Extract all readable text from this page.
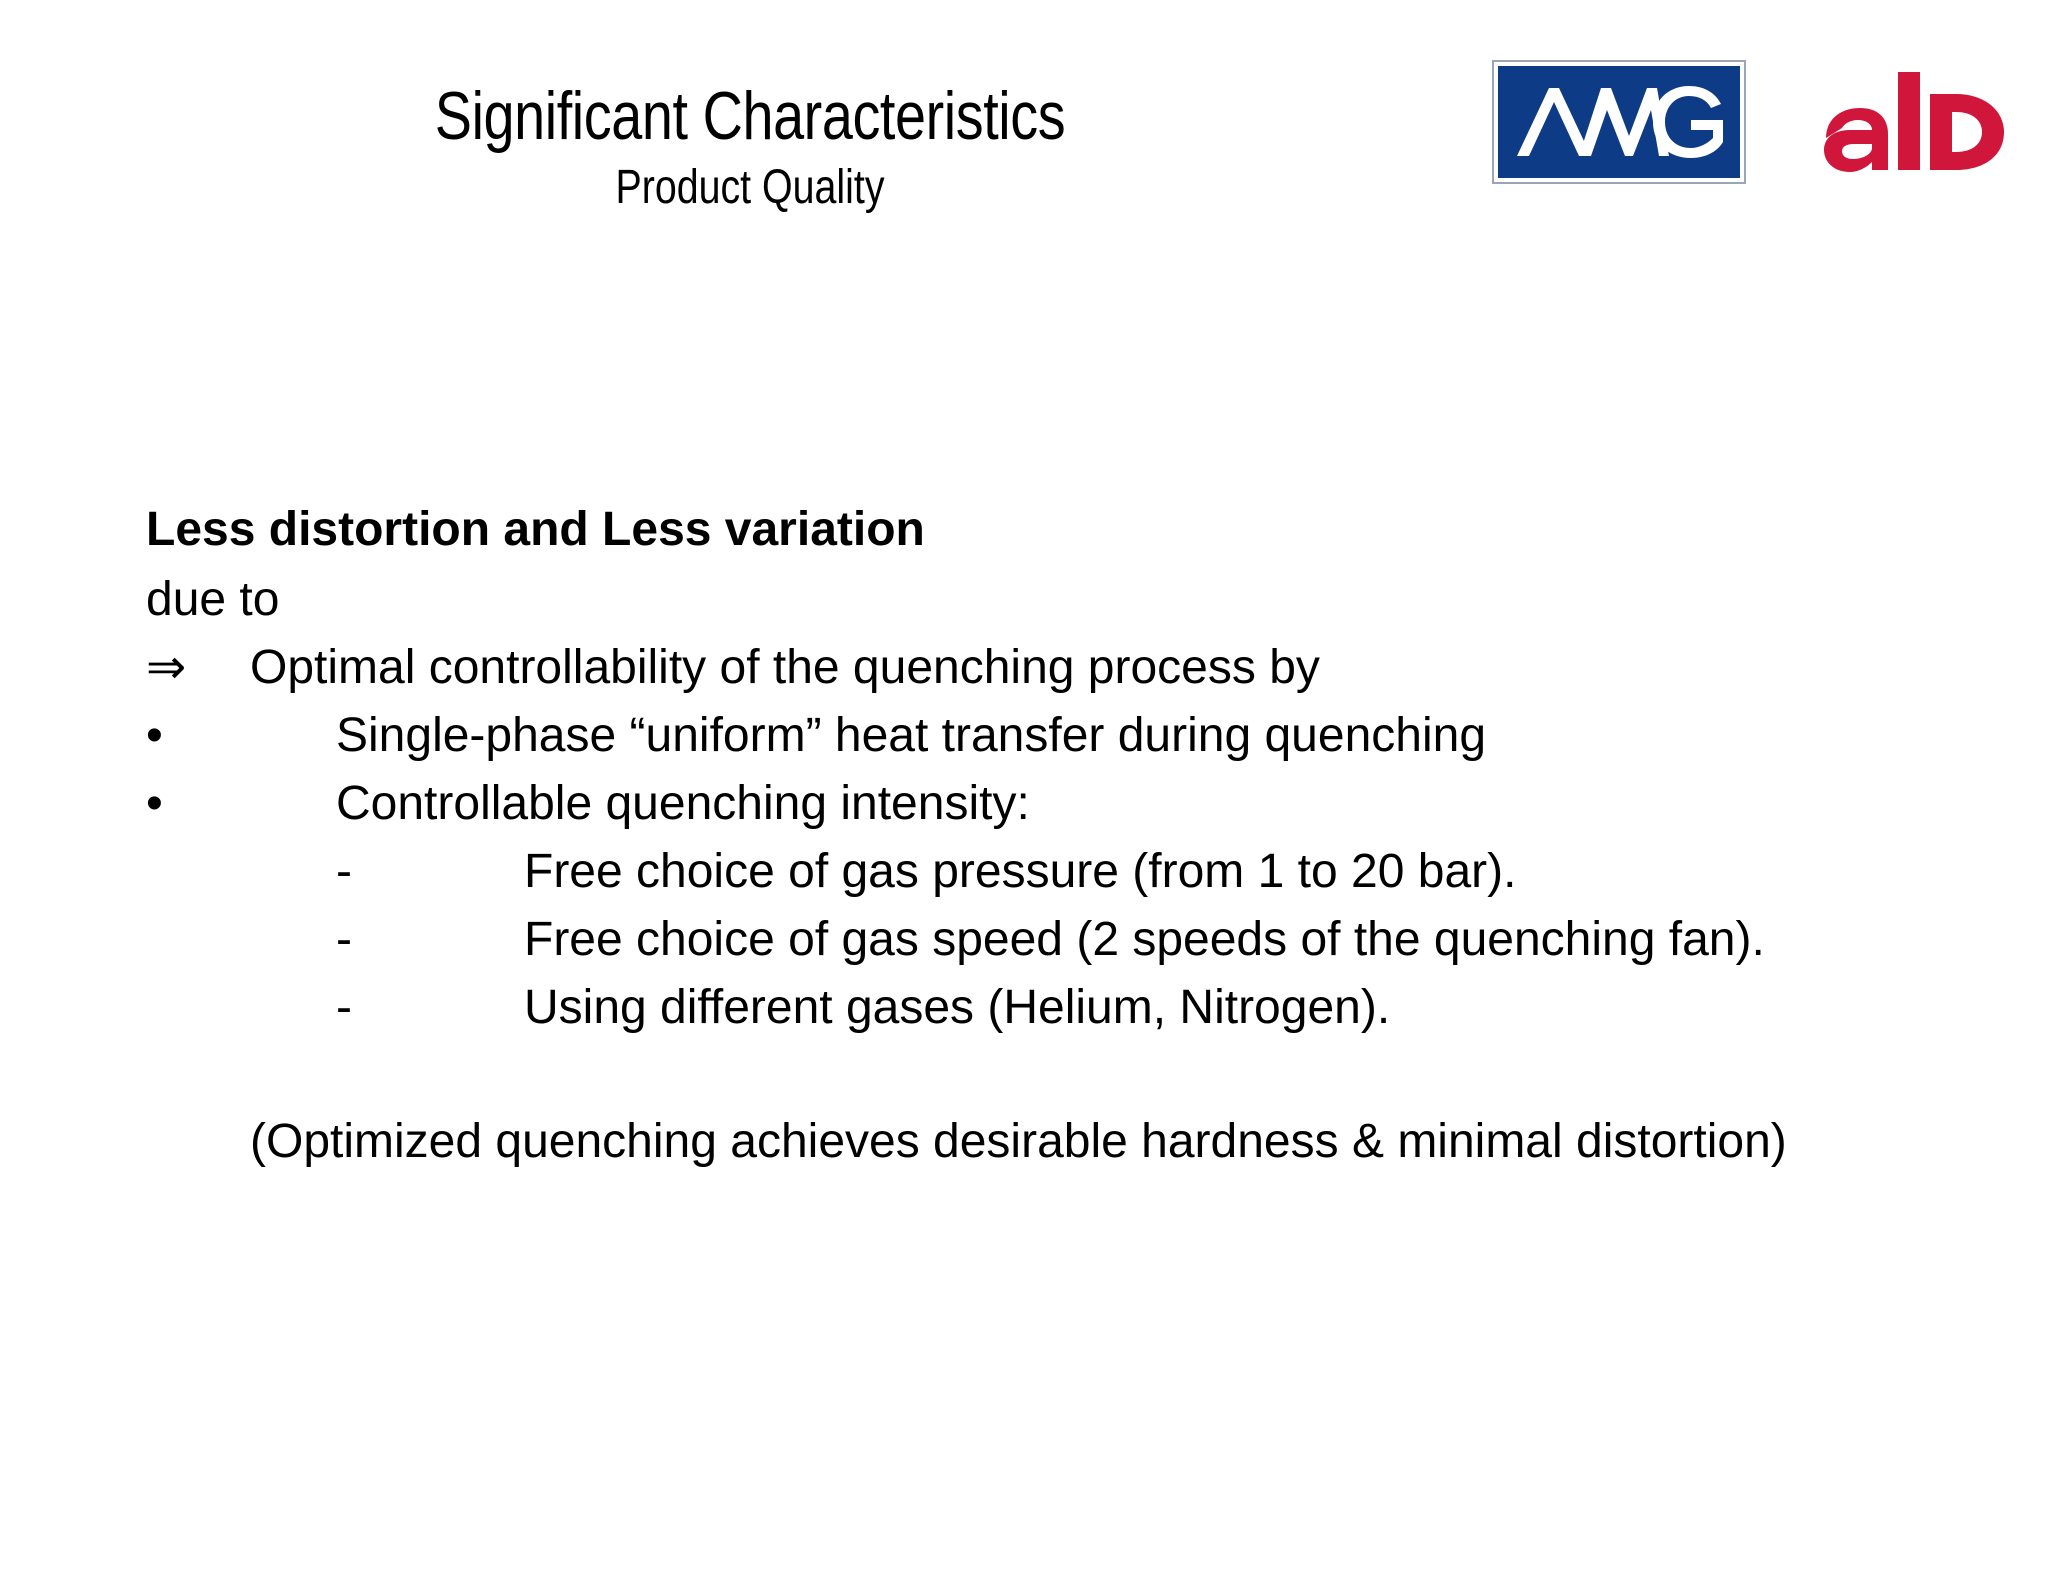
Significant Characteristics
Product Quality
Less distortion and Less variation
due to
⇒ Optimal controllability of the quenching process by
•	Single-phase “uniform” heat transfer during quenching
•	Controllable quenching intensity:
-	Free choice of gas pressure (from 1 to 20 bar).
-	Free choice of gas speed (2 speeds of the quenching fan).
-	Using different gases (Helium, Nitrogen).
(Optimized quenching achieves desirable hardness & minimal distortion)
